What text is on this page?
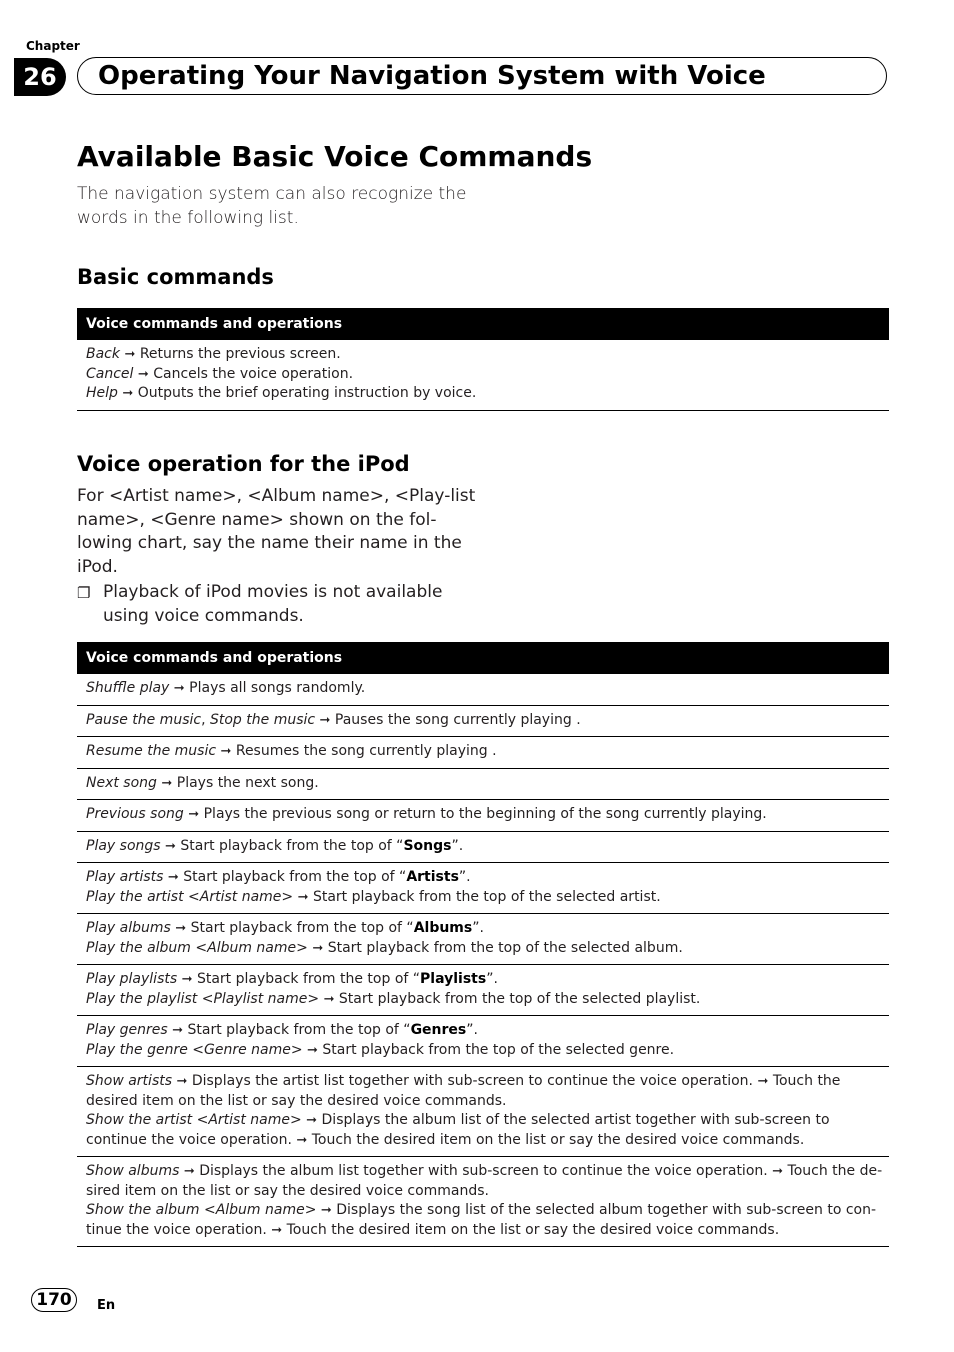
Chapter
26	Operating Your Navigation System with Voice
Available Basic Voice Commands
The navigation system can also recognize the words in the following list.
Basic commands
Voice commands and operations
Back ➞ Returns the previous screen.
Cancel ➞ Cancels the voice operation.
Help ➞ Outputs the brief operating instruction by voice.
Voice operation for the iPod
For <Artist name>, <Album name>, <Play-list name>, <Genre name> shown on the fol-lowing chart, say the name their name in the iPod.
❐ Playback of iPod movies is not available using voice commands.
Voice commands and operations
Shuffle play ➞ Plays all songs randomly.
Pause the music, Stop the music ➞ Pauses the song currently playing .
Resume the music ➞ Resumes the song currently playing .
Next song ➞ Plays the next song.
Previous song ➞ Plays the previous song or return to the beginning of the song currently playing.
Play songs ➞ Start playback from the top of “Songs”.
Play artists ➞ Start playback from the top of “Artists”.
Play the artist <Artist name> ➞ Start playback from the top of the selected artist.
Play albums ➞ Start playback from the top of “Albums”.
Play the album <Album name> ➞ Start playback from the top of the selected album.
Play playlists ➞ Start playback from the top of “Playlists”.
Play the playlist <Playlist name> ➞ Start playback from the top of the selected playlist.
Play genres ➞ Start playback from the top of “Genres”.
Play the genre <Genre name> ➞ Start playback from the top of the selected genre.
Show artists ➞ Displays the artist list together with sub-screen to continue the voice operation. ➞ Touch the desired item on the list or say the desired voice commands.
Show the artist <Artist name> ➞ Displays the album list of the selected artist together with sub-screen to continue the voice operation. ➞ Touch the desired item on the list or say the desired voice commands.
Show albums ➞ Displays the album list together with sub-screen to continue the voice operation. ➞ Touch the de-sired item on the list or say the desired voice commands.
Show the album <Album name> ➞ Displays the song list of the selected album together with sub-screen to con-tinue the voice operation. ➞ Touch the desired item on the list or say the desired voice commands.
170	En
